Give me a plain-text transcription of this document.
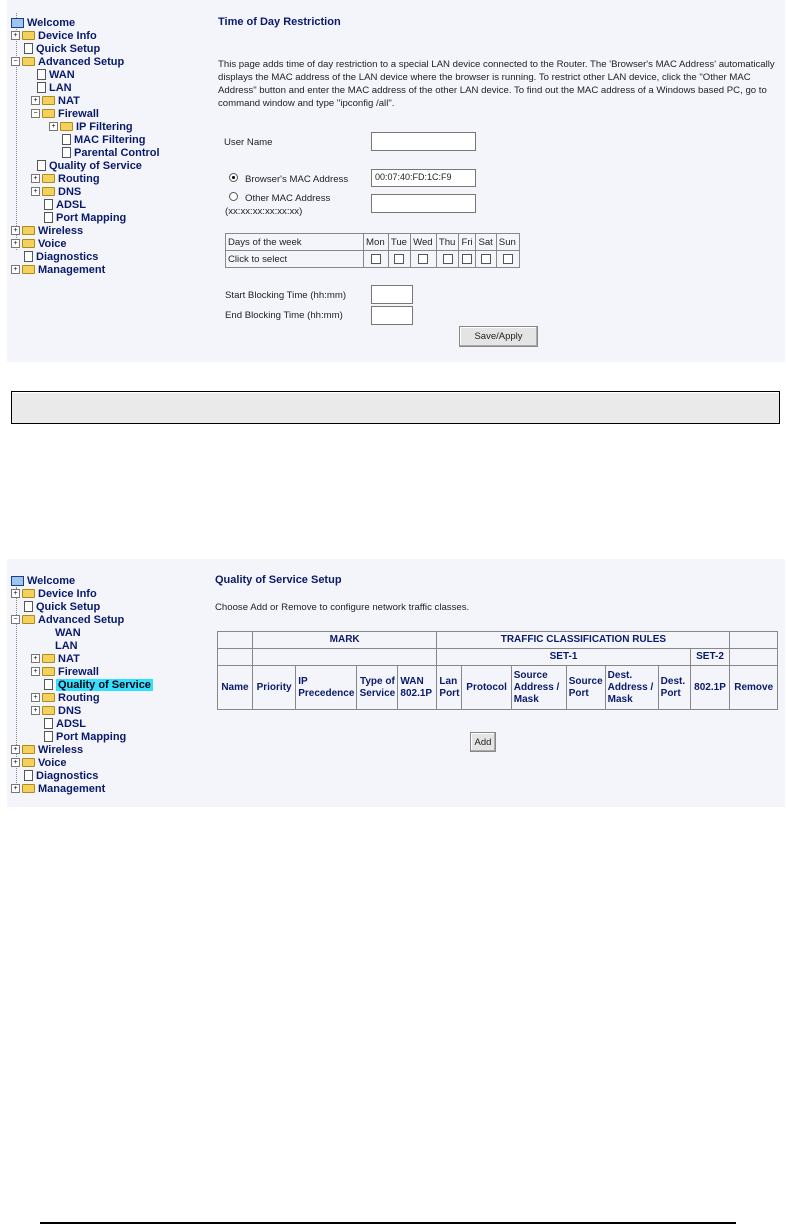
Welcome
+ Device Info
Quick Setup
− Advanced Setup
WAN
LAN
+ NAT
− Firewall
+ IP Filtering
MAC Filtering
Parental Control
Quality of Service
+ Routing
+ DNS
ADSL
Port Mapping
+ Wireless
+ Voice
Diagnostics
+ Management
Time of Day Restriction
This page adds time of day restriction to a special LAN device connected to the Router. The 'Browser's MAC Address' automatically displays the MAC address of the LAN device where the browser is running. To restrict other LAN device, click the "Other MAC Address" button and enter the MAC address of the other LAN device. To find out the MAC address of a Windows based PC, go to command window and type "ipconfig /all".
User Name
Browser's MAC Address	00:07:40:FD:1C:F9
Other MAC Address
(xx:xx:xx:xx:xx:xx)
Days of the week	Mon	Tue	Wed	Thu	Fri	Sat	Sun
Click to select							
Start Blocking Time (hh:mm)
End Blocking Time (hh:mm)
Save/Apply
Welcome
+ Device Info
Quick Setup
− Advanced Setup
WAN
LAN
+ NAT
+ Firewall
Quality of Service
+ Routing
+ DNS
ADSL
Port Mapping
+ Wireless
+ Voice
Diagnostics
+ Management
Quality of Service Setup
Choose Add or Remove to configure network traffic classes.
	MARK				TRAFFIC CLASSIFICATION RULES							
					SET-1						SET-2	
Name	Priority	IP Precedence	Type of Service	WAN 802.1P	Lan Port	Protocol	Source Address / Mask	Source Port	Dest. Address / Mask	Dest. Port	802.1P	Remove
Add
